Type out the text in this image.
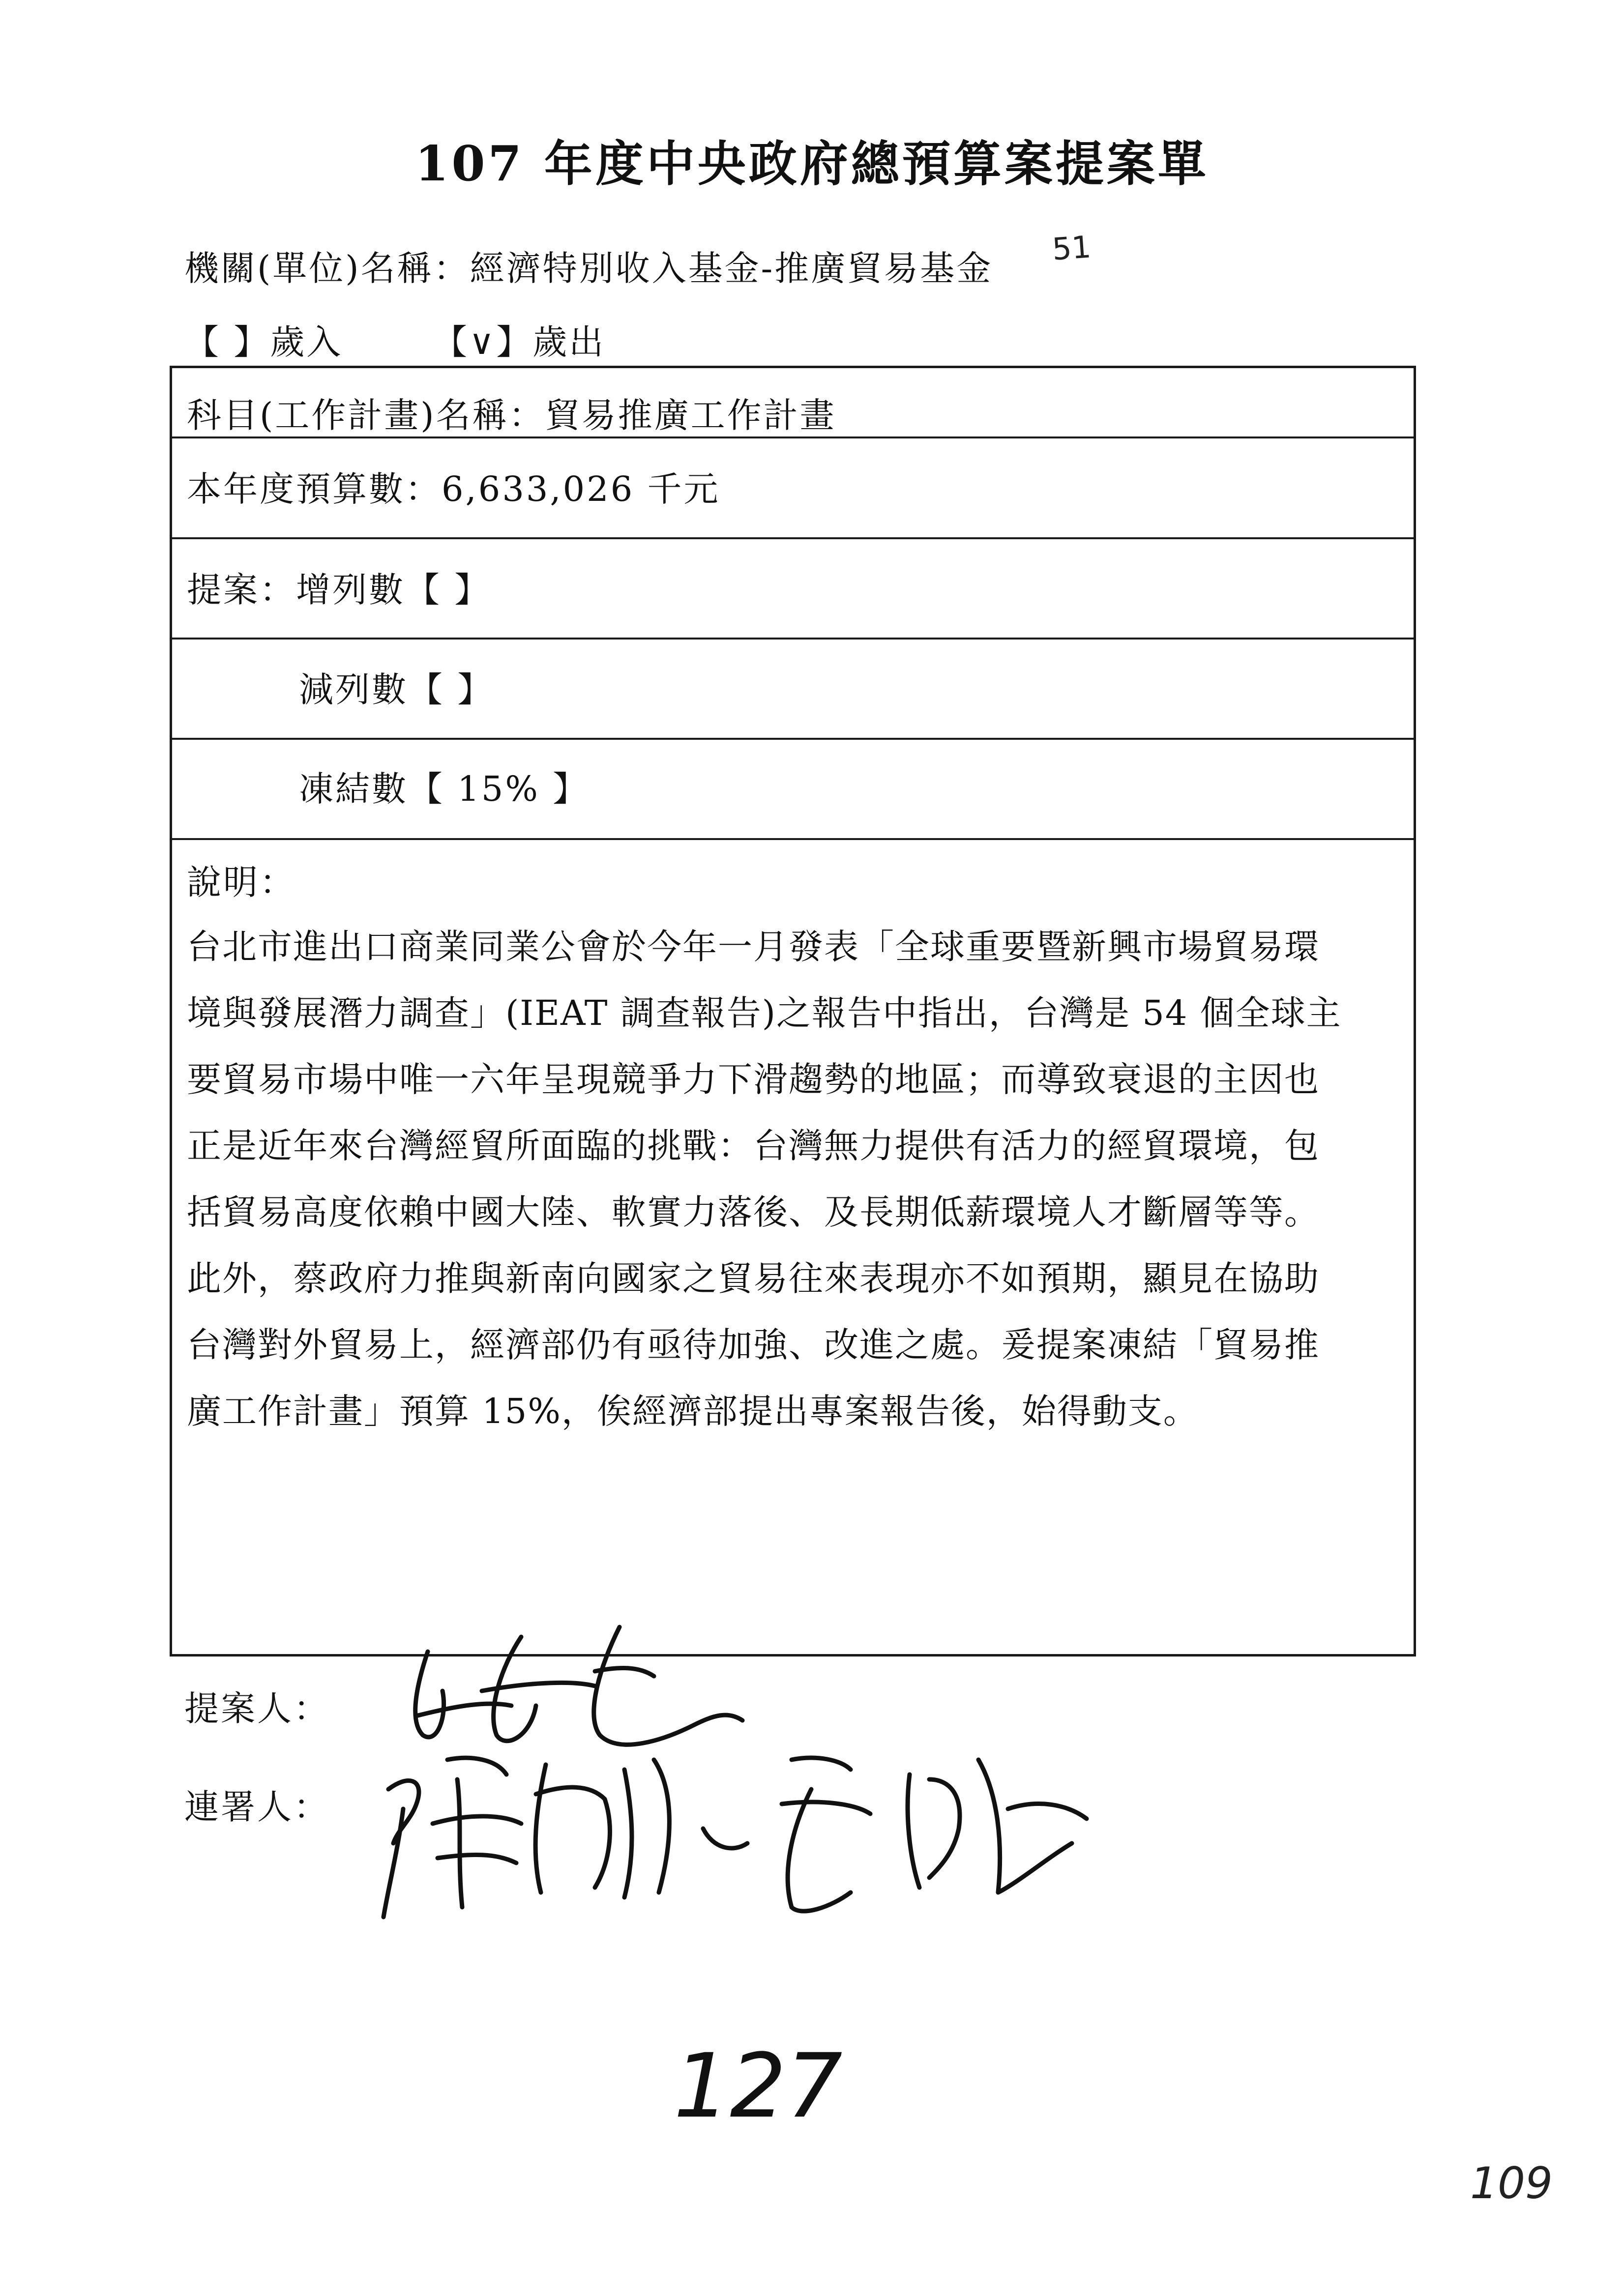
107 年度中央政府總預算案提案單
機關(單位)名稱：經濟特別收入基金-推廣貿易基金
51
【 】歲入	【∨】歲出
科目(工作計畫)名稱：貿易推廣工作計畫
本年度預算數：6,633,026 千元
提案：增列數【 】
減列數【 】
凍結數【 15% 】
說明：
台北市進出口商業同業公會於今年一月發表「全球重要暨新興市場貿易環
境與發展潛力調查」(IEAT 調查報告)之報告中指出，台灣是 54 個全球主
要貿易市場中唯一六年呈現競爭力下滑趨勢的地區；而導致衰退的主因也
正是近年來台灣經貿所面臨的挑戰：台灣無力提供有活力的經貿環境，包
括貿易高度依賴中國大陸、軟實力落後、及長期低薪環境人才斷層等等。
此外，蔡政府力推與新南向國家之貿易往來表現亦不如預期，顯見在協助
台灣對外貿易上，經濟部仍有亟待加強、改進之處。爰提案凍結「貿易推
廣工作計畫」預算 15%，俟經濟部提出專案報告後，始得動支。
提案人：
連署人：
127
109
